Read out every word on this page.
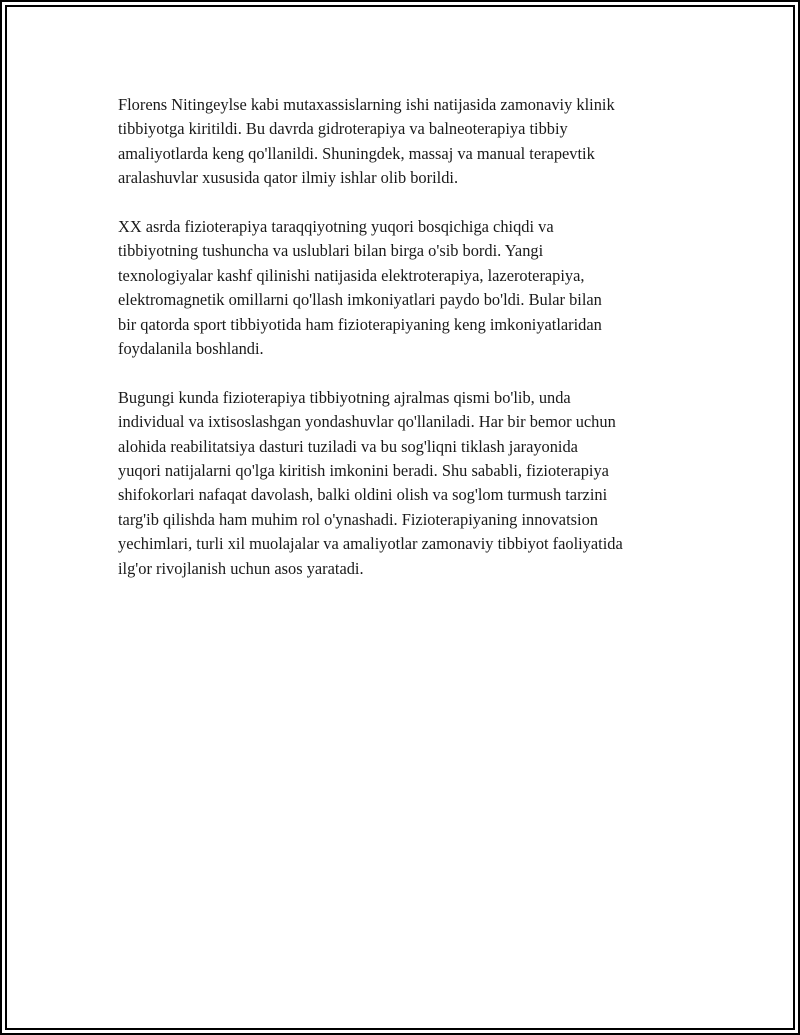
Florens Nitingeylse kabi mutaxassislarning ishi natijasida zamonaviy klinik
tibbiyotga kiritildi. Bu davrda gidroterapiya va balneoterapiya tibbiy
amaliyotlarda keng qo'llanildi. Shuningdek, massaj va manual terapevtik
aralashuvlar xususida qator ilmiy ishlar olib borildi.

XX asrda fizioterapiya taraqqiyotning yuqori bosqichiga chiqdi va
tibbiyotning tushuncha va uslublari bilan birga o'sib bordi. Yangi
texnologiyalar kashf qilinishi natijasida elektroterapiya, lazeroterapiya,
elektromagnetik omillarni qo'llash imkoniyatlari paydo bo'ldi. Bular bilan
bir qatorda sport tibbiyotida ham fizioterapiyaning keng imkoniyatlaridan
foydalanila boshlandi.

Bugungi kunda fizioterapiya tibbiyotning ajralmas qismi bo'lib, unda
individual va ixtisoslashgan yondashuvlar qo'llaniladi. Har bir bemor uchun
alohida reabilitatsiya dasturi tuziladi va bu sog'liqni tiklash jarayonida
yuqori natijalarni qo'lga kiritish imkonini beradi. Shu sababli, fizioterapiya
shifokorlari nafaqat davolash, balki oldini olish va sog'lom turmush tarzini
targ'ib qilishda ham muhim rol o'ynashadi. Fizioterapiyaning innovatsion
yechimlari, turli xil muolajalar va amaliyotlar zamonaviy tibbiyot faoliyatida
ilg'or rivojlanish uchun asos yaratadi.
